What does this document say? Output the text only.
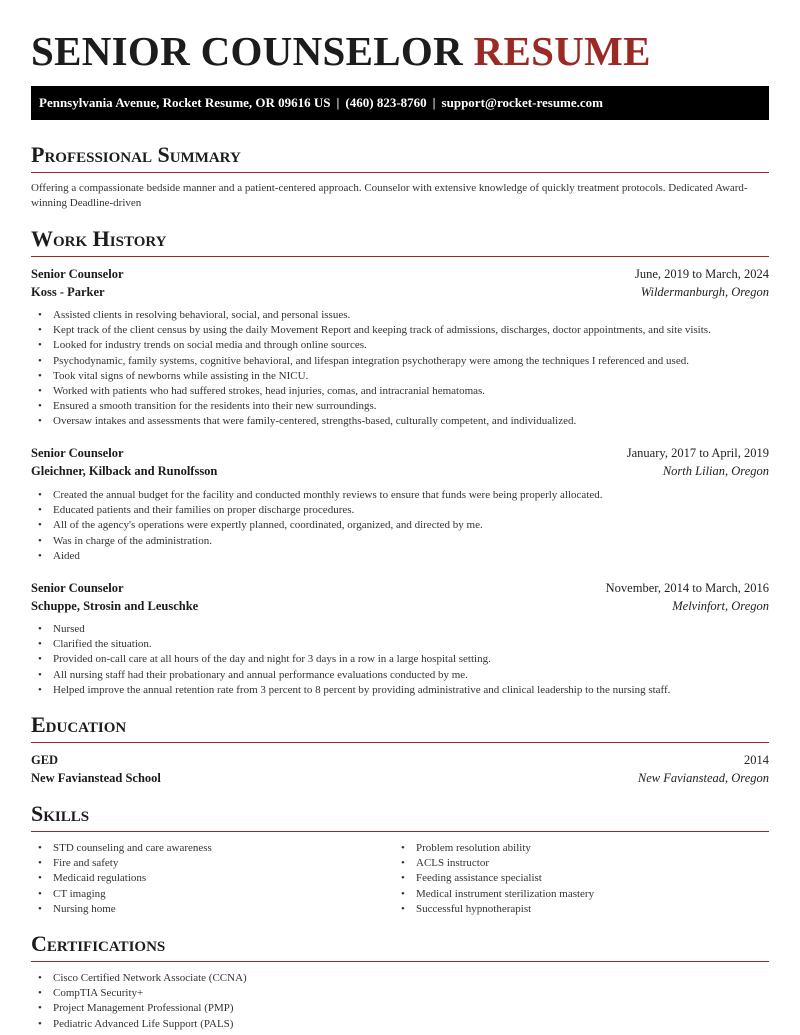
SENIOR COUNSELOR RESUME
Pennsylvania Avenue, Rocket Resume, OR 09616 US | (460) 823-8760 | support@rocket-resume.com
Professional Summary
Offering a compassionate bedside manner and a patient-centered approach. Counselor with extensive knowledge of quickly treatment protocols. Dedicated Award-winning Deadline-driven
Work History
Senior Counselor	June, 2019 to March, 2024
Koss - Parker	Wildermanburgh, Oregon
• Assisted clients in resolving behavioral, social, and personal issues.
• Kept track of the client census by using the daily Movement Report and keeping track of admissions, discharges, doctor appointments, and site visits.
• Looked for industry trends on social media and through online sources.
• Psychodynamic, family systems, cognitive behavioral, and lifespan integration psychotherapy were among the techniques I referenced and used.
• Took vital signs of newborns while assisting in the NICU.
• Worked with patients who had suffered strokes, head injuries, comas, and intracranial hematomas.
• Ensured a smooth transition for the residents into their new surroundings.
• Oversaw intakes and assessments that were family-centered, strengths-based, culturally competent, and individualized.
Senior Counselor	January, 2017 to April, 2019
Gleichner, Kilback and Runolfsson	North Lilian, Oregon
• Created the annual budget for the facility and conducted monthly reviews to ensure that funds were being properly allocated.
• Educated patients and their families on proper discharge procedures.
• All of the agency's operations were expertly planned, coordinated, organized, and directed by me.
• Was in charge of the administration.
• Aided
Senior Counselor	November, 2014 to March, 2016
Schuppe, Strosin and Leuschke	Melvinfort, Oregon
• Nursed
• Clarified the situation.
• Provided on-call care at all hours of the day and night for 3 days in a row in a large hospital setting.
• All nursing staff had their probationary and annual performance evaluations conducted by me.
• Helped improve the annual retention rate from 3 percent to 8 percent by providing administrative and clinical leadership to the nursing staff.
Education
GED	2014
New Favianstead School	New Favianstead, Oregon
Skills
• STD counseling and care awareness
• Fire and safety
• Medicaid regulations
• CT imaging
• Nursing home
• Problem resolution ability
• ACLS instructor
• Feeding assistance specialist
• Medical instrument sterilization mastery
• Successful hypnotherapist
Certifications
• Cisco Certified Network Associate (CCNA)
• CompTIA Security+
• Project Management Professional (PMP)
• Pediatric Advanced Life Support (PALS)
